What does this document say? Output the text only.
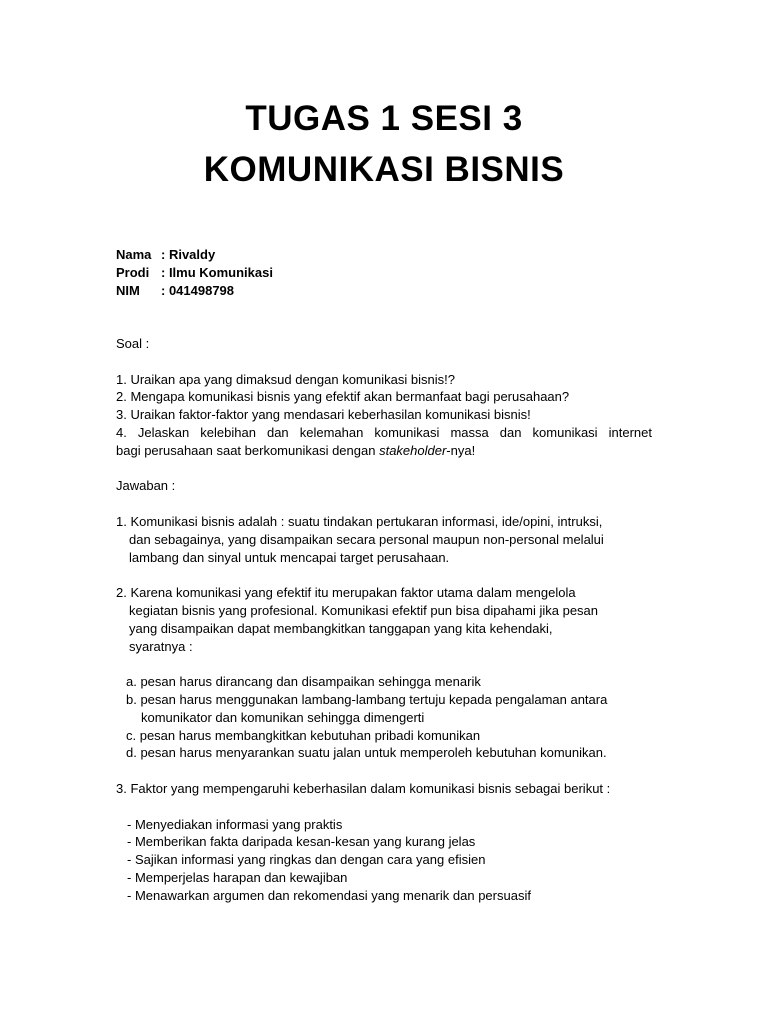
TUGAS 1 SESI 3
KOMUNIKASI BISNIS
Nama : Rivaldy
Prodi : Ilmu Komunikasi
NIM	: 041498798
Soal :
1. Uraikan apa yang dimaksud dengan komunikasi bisnis!?
2. Mengapa komunikasi bisnis yang efektif akan bermanfaat bagi perusahaan?
3. Uraikan faktor-faktor yang mendasari keberhasilan komunikasi bisnis!
4. Jelaskan kelebihan dan kelemahan komunikasi massa dan komunikasi internet
bagi perusahaan saat berkomunikasi dengan stakeholder-nya!
Jawaban :
1. Komunikasi bisnis adalah : suatu tindakan pertukaran informasi, ide/opini, intruksi,
dan sebagainya, yang disampaikan secara personal maupun non-personal melalui
lambang dan sinyal untuk mencapai target perusahaan.
2. Karena komunikasi yang efektif itu merupakan faktor utama dalam mengelola
kegiatan bisnis yang profesional. Komunikasi efektif pun bisa dipahami jika pesan
yang disampaikan dapat membangkitkan tanggapan yang kita kehendaki,
syaratnya :
a. pesan harus dirancang dan disampaikan sehingga menarik
b. pesan harus menggunakan lambang-lambang tertuju kepada pengalaman antara
komunikator dan komunikan sehingga dimengerti
c. pesan harus membangkitkan kebutuhan pribadi komunikan
d. pesan harus menyarankan suatu jalan untuk memperoleh kebutuhan komunikan.
3. Faktor yang mempengaruhi keberhasilan dalam komunikasi bisnis sebagai berikut :
- Menyediakan informasi yang praktis
- Memberikan fakta daripada kesan-kesan yang kurang jelas
- Sajikan informasi yang ringkas dan dengan cara yang efisien
- Memperjelas harapan dan kewajiban
- Menawarkan argumen dan rekomendasi yang menarik dan persuasif
